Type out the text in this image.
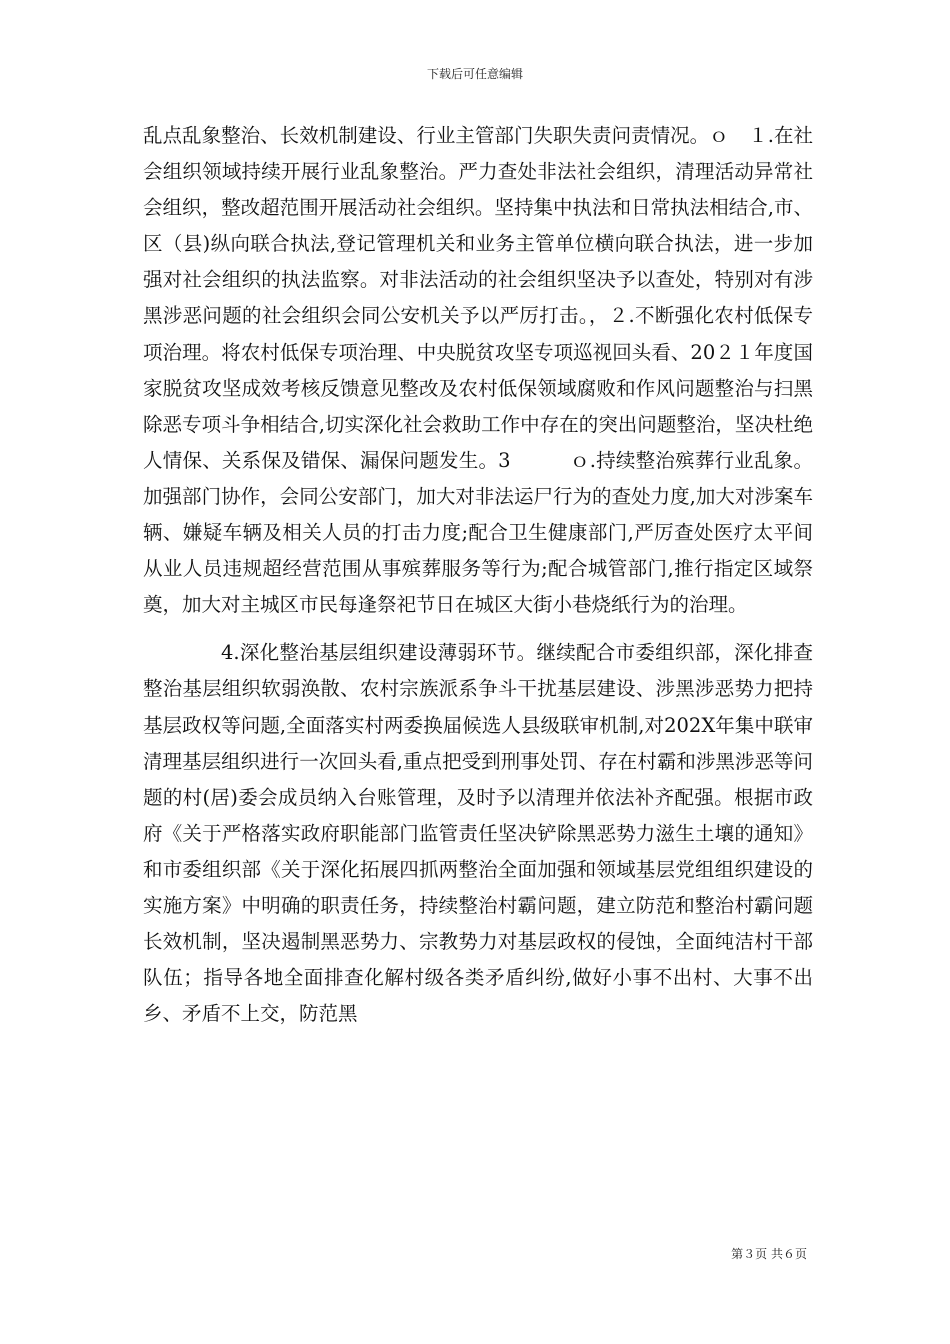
下载后可任意编辑

乱点乱象整治、长效机制建设、行业主管部门失职失责问责情况。ｏ　１.在社会组织领域持续开展行业乱象整治。严力查处非法社会组织，清理活动异常社会组织，整改超范围开展活动社会组织。坚持集中执法和日常执法相结合,市、区（县)纵向联合执法,登记管理机关和业务主管单位横向联合执法，进一步加强对社会组织的执法监察。对非法活动的社会组织坚决予以查处，特别对有涉黑涉恶问题的社会组织会同公安机关予以严厉打击。，２.不断强化农村低保专项治理。将农村低保专项治理、中央脱贫攻坚专项巡视回头看、20２１年度国家脱贫攻坚成效考核反馈意见整改及农村低保领域腐败和作风问题整治与扫黑除恶专项斗争相结合,切实深化社会救助工作中存在的突出问题整治，坚决杜绝人情保、关系保及错保、漏保问题发生。3　　　ｏ.持续整治殡葬行业乱象。加强部门协作，会同公安部门，加大对非法运尸行为的查处力度,加大对涉案车辆、嫌疑车辆及相关人员的打击力度;配合卫生健康部门,严厉查处医疗太平间从业人员违规超经营范围从事殡葬服务等行为;配合城管部门,推行指定区域祭奠，加大对主城区市民每逢祭祀节日在城区大街小巷烧纸行为的治理。

4.深化整治基层组织建设薄弱环节。继续配合市委组织部，深化排查整治基层组织软弱涣散、农村宗族派系争斗干扰基层建设、涉黑涉恶势力把持基层政权等问题,全面落实村两委换届候选人县级联审机制,对202X年集中联审清理基层组织进行一次回头看,重点把受到刑事处罚、存在村霸和涉黑涉恶等问题的村(居)委会成员纳入台账管理，及时予以清理并依法补齐配强。根据市政府《关于严格落实政府职能部门监管责任坚决铲除黑恶势力滋生土壤的通知》和市委组织部《关于深化拓展四抓两整治全面加强和领域基层党组组织建设的实施方案》中明确的职责任务，持续整治村霸问题，建立防范和整治村霸问题长效机制，坚决遏制黑恶势力、宗教势力对基层政权的侵蚀，全面纯洁村干部队伍；指导各地全面排查化解村级各类矛盾纠纷,做好小事不出村、大事不出乡、矛盾不上交，防范黑

第３页 共６页
